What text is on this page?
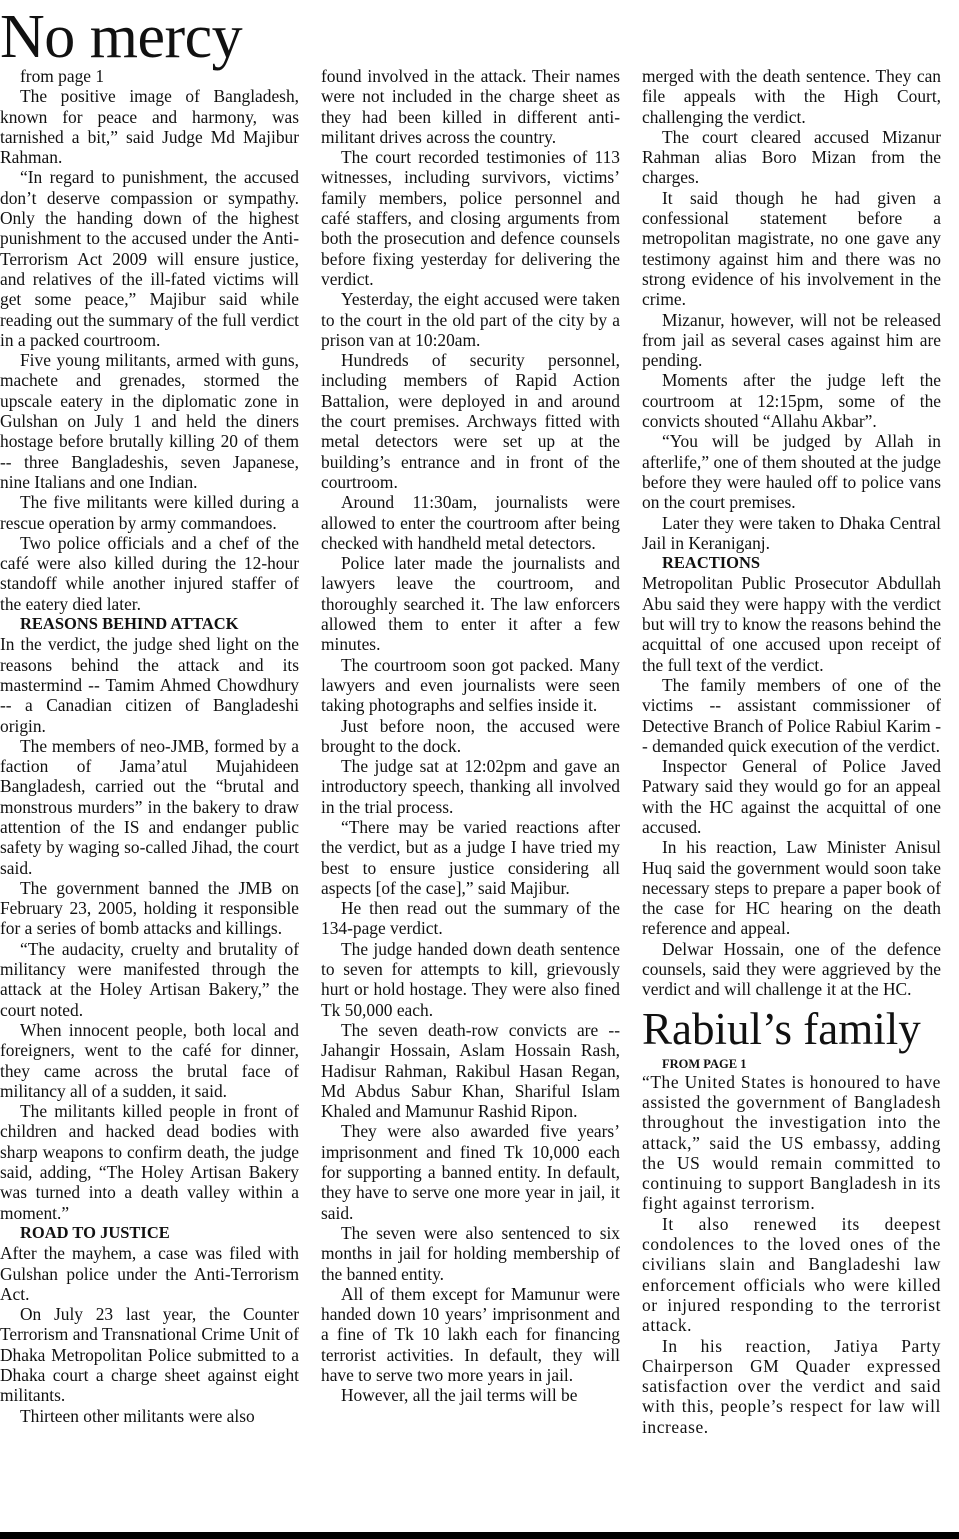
No mercy

from page 1

The positive image of Bangladesh, known for peace and harmony, was tarnished a bit,” said Judge Md Majibur Rahman.

“In regard to punishment, the accused don’t deserve compassion or sympathy. Only the handing down of the highest punishment to the accused under the Anti-Terrorism Act 2009 will ensure justice, and relatives of the ill-fated victims will get some peace,” Majibur said while reading out the summary of the full verdict in a packed courtroom.

Five young militants, armed with guns, machete and grenades, stormed the upscale eatery in the diplomatic zone in Gulshan on July 1 and held the diners hostage before brutally killing 20 of them -- three Bangladeshis, seven Japanese, nine Italians and one Indian.

The five militants were killed during a rescue operation by army commandoes.

Two police officials and a chef of the café were also killed during the 12-hour standoff while another injured staffer of the eatery died later.

REASONS BEHIND ATTACK

In the verdict, the judge shed light on the reasons behind the attack and its mastermind -- Tamim Ahmed Chowdhury -- a Canadian citizen of Bangladeshi origin.

The members of neo-JMB, formed by a faction of Jama’atul Mujahideen Bangladesh, carried out the “brutal and monstrous murders” in the bakery to draw attention of the IS and endanger public safety by waging so-called Jihad, the court said.

The government banned the JMB on February 23, 2005, holding it responsible for a series of bomb attacks and killings.

“The audacity, cruelty and brutality of militancy were manifested through the attack at the Holey Artisan Bakery,” the court noted.

When innocent people, both local and foreigners, went to the café for dinner, they came across the brutal face of militancy all of a sudden, it said.

The militants killed people in front of children and hacked dead bodies with sharp weapons to confirm death, the judge said, adding, “The Holey Artisan Bakery was turned into a death valley within a moment.”

ROAD TO JUSTICE

After the mayhem, a case was filed with Gulshan police under the Anti-Terrorism Act.

On July 23 last year, the Counter Terrorism and Transnational Crime Unit of Dhaka Metropolitan Police submitted to a Dhaka court a charge sheet against eight militants.

Thirteen other militants were also

found involved in the attack. Their names were not included in the charge sheet as they had been killed in different anti-militant drives across the country.

The court recorded testimonies of 113 witnesses, including survivors, victims’ family members, police personnel and café staffers, and closing arguments from both the prosecution and defence counsels before fixing yesterday for delivering the verdict.

Yesterday, the eight accused were taken to the court in the old part of the city by a prison van at 10:20am.

Hundreds of security personnel, including members of Rapid Action Battalion, were deployed in and around the court premises. Archways fitted with metal detectors were set up at the building’s entrance and in front of the courtroom.

Around 11:30am, journalists were allowed to enter the courtroom after being checked with handheld metal detectors.

Police later made the journalists and lawyers leave the courtroom, and thoroughly searched it. The law enforcers allowed them to enter it after a few minutes.

The courtroom soon got packed. Many lawyers and even journalists were seen taking photographs and selfies inside it.

Just before noon, the accused were brought to the dock.

The judge sat at 12:02pm and gave an introductory speech, thanking all involved in the trial process.

“There may be varied reactions after the verdict, but as a judge I have tried my best to ensure justice considering all aspects [of the case],” said Majibur.

He then read out the summary of the 134-page verdict.

The judge handed down death sentence to seven for attempts to kill, grievously hurt or hold hostage. They were also fined Tk 50,000 each.

The seven death-row convicts are -- Jahangir Hossain, Aslam Hossain Rash, Hadisur Rahman, Rakibul Hasan Regan, Md Abdus Sabur Khan, Shariful Islam Khaled and Mamunur Rashid Ripon.

They were also awarded five years’ imprisonment and fined Tk 10,000 each for supporting a banned entity. In default, they have to serve one more year in jail, it said.

The seven were also sentenced to six months in jail for holding membership of the banned entity.

All of them except for Mamunur were handed down 10 years’ imprisonment and a fine of Tk 10 lakh each for financing terrorist activities. In default, they will have to serve two more years in jail.

However, all the jail terms will be

merged with the death sentence. They can file appeals with the High Court, challenging the verdict.

The court cleared accused Mizanur Rahman alias Boro Mizan from the charges.

It said though he had given a confessional statement before a metropolitan magistrate, no one gave any testimony against him and there was no strong evidence of his involvement in the crime.

Mizanur, however, will not be released from jail as several cases against him are pending.

Moments after the judge left the courtroom at 12:15pm, some of the convicts shouted “Allahu Akbar”.

“You will be judged by Allah in afterlife,” one of them shouted at the judge before they were hauled off to police vans on the court premises.

Later they were taken to Dhaka Central Jail in Keraniganj.

REACTIONS

Metropolitan Public Prosecutor Abdullah Abu said they were happy with the verdict but will try to know the reasons behind the acquittal of one accused upon receipt of the full text of the verdict.

The family members of one of the victims -- assistant commissioner of Detective Branch of Police Rabiul Karim -- demanded quick execution of the verdict.

Inspector General of Police Javed Patwary said they would go for an appeal with the HC against the acquittal of one accused.

In his reaction, Law Minister Anisul Huq said the government would soon take necessary steps to prepare a paper book of the case for HC hearing on the death reference and appeal.

Delwar Hossain, one of the defence counsels, said they were aggrieved by the verdict and will challenge it at the HC.

Rabiul’s family

FROM PAGE 1

“The United States is honoured to have assisted the government of Bangladesh throughout the investigation into the attack,” said the US embassy, adding the US would remain committed to continuing to support Bangladesh in its fight against terrorism.

It also renewed its deepest condolences to the loved ones of the civilians slain and Bangladeshi law enforcement officials who were killed or injured responding to the terrorist attack.

In his reaction, Jatiya Party Chairperson GM Quader expressed satisfaction over the verdict and said with this, people’s respect for law will increase.
